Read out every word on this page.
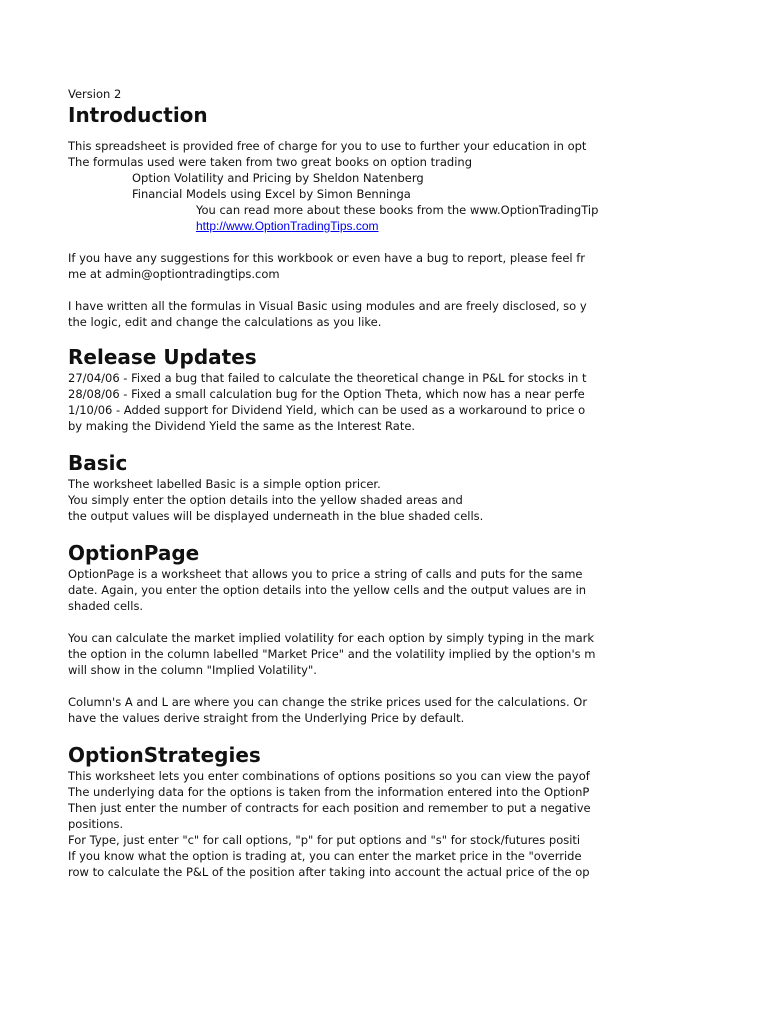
Version 2
Introduction
This spreadsheet is provided free of charge for you to use to further your education in opt
The formulas used were taken from two great books on option trading
Option Volatility and Pricing by Sheldon Natenberg
Financial Models using Excel by Simon Benninga
You can read more about these books from the www.OptionTradingTip
http://www.OptionTradingTips.com
If you have any suggestions for this workbook or even have a bug to report, please feel fr
me at admin@optiontradingtips.com
I have written all the formulas in Visual Basic using modules and are freely disclosed, so y
the logic, edit and change the calculations as you like.
Release Updates
27/04/06 - Fixed a bug that failed to calculate the theoretical change in P&L for stocks in t
28/08/06 - Fixed a small calculation bug for the Option Theta, which now has a near perfe
1/10/06 - Added support for Dividend Yield, which can be used as a workaround to price o
by making the Dividend Yield the same as the Interest Rate.
Basic
The worksheet labelled Basic is a simple option pricer.
You simply enter the option details into the yellow shaded areas and
the output values will be displayed underneath in the blue shaded cells.
OptionPage
OptionPage is a worksheet that allows you to price a string of calls and puts for the same
date. Again, you enter the option details into the yellow cells and the output values are in
shaded cells.
You can calculate the market implied volatility for each option by simply typing in the mark
the option in the column labelled "Market Price" and the volatility implied by the option's m
will show in the column "Implied Volatility".
Column's A and L are where you can change the strike prices used for the calculations. Or
have the values derive straight from the Underlying Price by default.
OptionStrategies
This worksheet lets you enter combinations of options positions so you can view the payof
The underlying data for the options is taken from the information entered into the OptionP
Then just enter the number of contracts for each position and remember to put a negative
positions.
For Type, just enter "c" for call options, "p" for put options and "s" for stock/futures positi
If you know what the option is trading at, you can enter the market price in the "override
row to calculate the P&L of the position after taking into account the actual price of the op
